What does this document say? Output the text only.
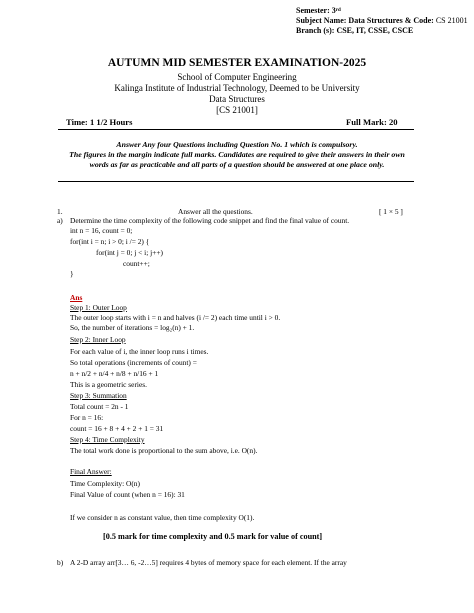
Semester: 3rd
Subject Name: Data Structures & Code: CS 21001
Branch (s): CSE, IT, CSSE, CSCE
AUTUMN MID SEMESTER EXAMINATION-2025
School of Computer Engineering
Kalinga Institute of Industrial Technology, Deemed to be University
Data Structures
[CS 21001]
Time: 1 1/2 Hours	Full Mark: 20
Answer Any four Questions including Question No. 1 which is compulsory.
The figures in the margin indicate full marks. Candidates are required to give their answers in their own
words as far as practicable and all parts of a question should be answered at one place only.
1.	Answer all the questions.	[ 1 × 5 ]
a) Determine the time complexity of the following code snippet and find the final value of count.
int n = 16, count = 0;
for(int i = n; i > 0; i /= 2) {
for(int j = 0; j < i; j++)
count++;
}
Ans
Step 1: Outer Loop
The outer loop starts with i = n and halves (i /= 2) each time until i > 0.
So, the number of iterations = log₂(n) + 1.
Step 2: Inner Loop
For each value of i, the inner loop runs i times.
So total operations (increments of count) =
n + n/2 + n/4 + n/8 + n/16 + 1
This is a geometric series.
Step 3: Summation
Total count = 2n - 1
For n = 16:
count = 16 + 8 + 4 + 2 + 1 = 31
Step 4: Time Complexity
The total work done is proportional to the sum above, i.e. O(n).
Final Answer:
Time Complexity: O(n)
Final Value of count (when n = 16): 31
If we consider n as constant value, then time complexity O(1).
[0.5 mark for time complexity and 0.5 mark for value of count]
b) A 2-D array arr[3… 6, -2…5] requires 4 bytes of memory space for each element. If the array
